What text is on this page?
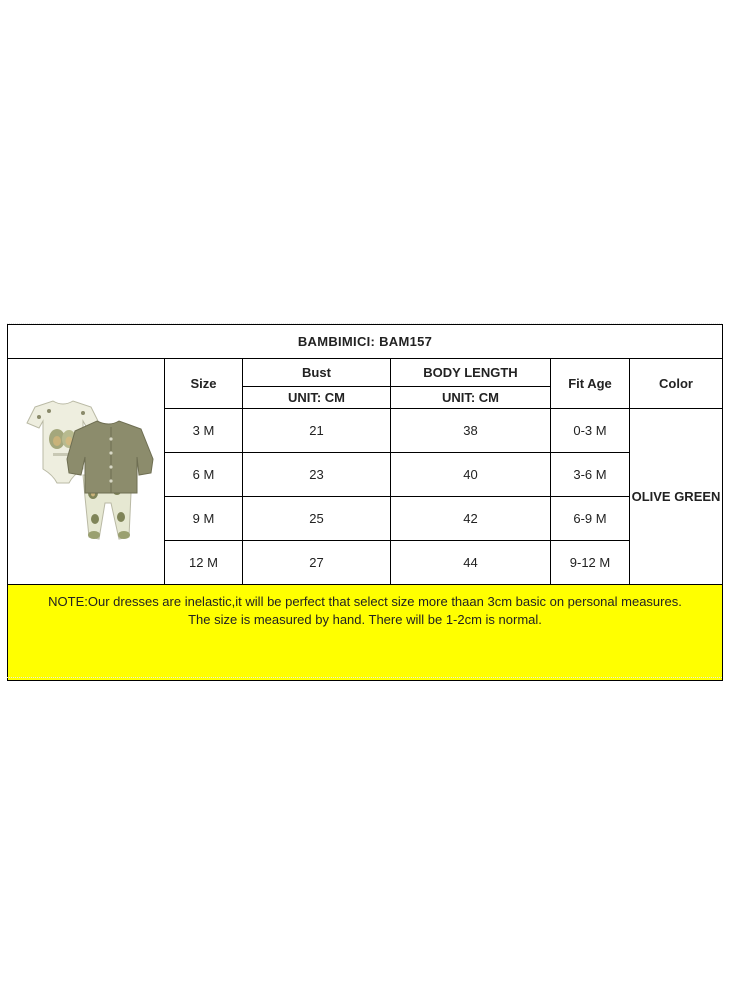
BAMBIMICI: BAM157					

	Size	Bust	BODY LENGTH	Fit Age	Color
		UNIT: CM	UNIT: CM		
	3 M	21	38	0-3 M	OLIVE GREEN
	6 M	23	40	3-6 M	
	9 M	25	42	6-9 M	
	12 M	27	44	9-12 M	

NOTE:Our dresses are inelastic,it will be perfect that select size more thaan 3cm basic on personal measures.
The size is measured by hand. There will be 1-2cm is normal.					
